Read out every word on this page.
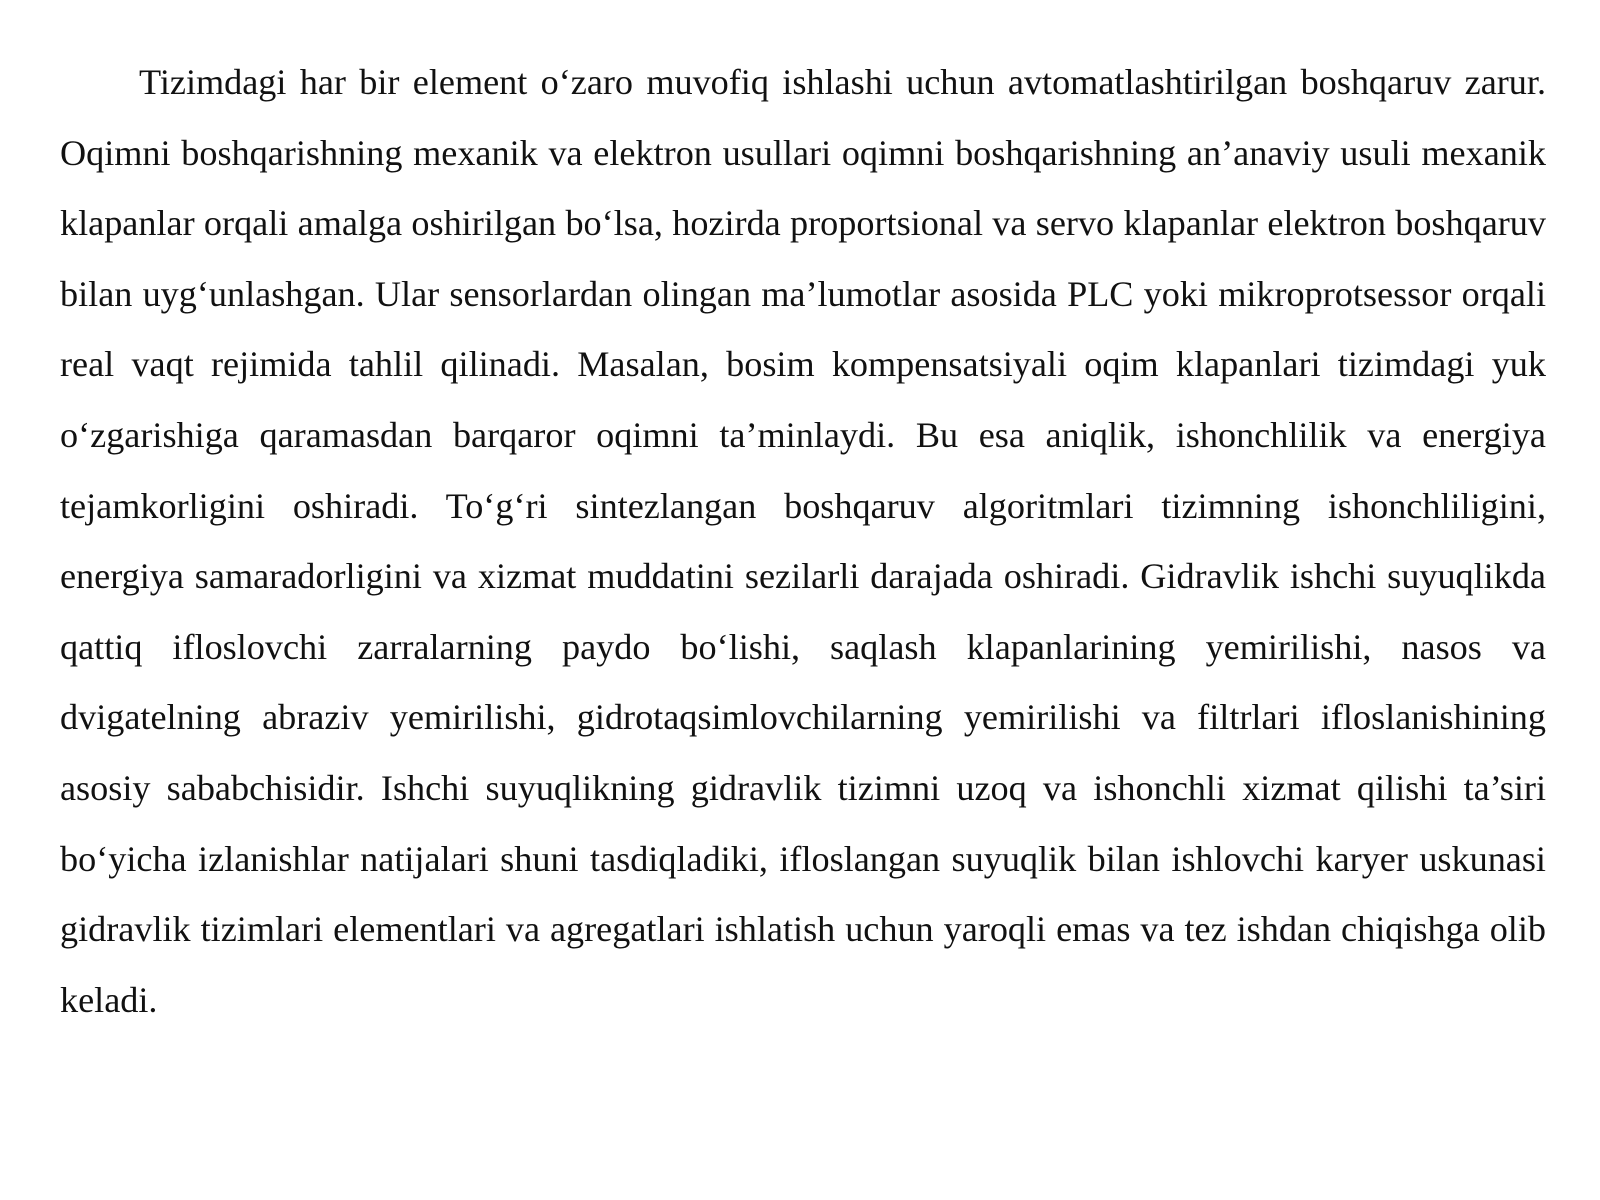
Tizimdagi har bir element o‘zaro muvofiq ishlashi uchun avtomatlashtirilgan boshqaruv zarur. Oqimni boshqarishning mexanik va elektron usullari oqimni boshqarishning an’anaviy usuli mexanik klapanlar orqali amalga oshirilgan bo‘lsa, hozirda proportsional va servo klapanlar elektron boshqaruv bilan uyg‘unlashgan. Ular sensorlardan olingan ma’lumotlar asosida PLC yoki mikroprotsessor orqali real vaqt rejimida tahlil qilinadi. Masalan, bosim kompensatsiyali oqim klapanlari tizimdagi yuk o‘zgarishiga qaramasdan barqaror oqimni ta’minlaydi. Bu esa aniqlik, ishonchlilik va energiya tejamkorligini oshiradi. To‘g‘ri sintezlangan boshqaruv algoritmlari tizimning ishonchliligini, energiya samaradorligini va xizmat muddatini sezilarli darajada oshiradi. Gidravlik ishchi suyuqlikda qattiq ifloslovchi zarralarning paydo bo‘lishi, saqlash klapanlarining yemirilishi, nasos va dvigatelning abraziv yemirilishi, gidrotaqsimlovchilarning yemirilishi va filtrlari ifloslanishining asosiy sababchisidir. Ishchi suyuqlikning gidravlik tizimni uzoq va ishonchli xizmat qilishi ta’siri bo‘yicha izlanishlar natijalari shuni tasdiqladiki, ifloslangan suyuqlik bilan ishlovchi karyer uskunasi gidravlik tizimlari elementlari va agregatlari ishlatish uchun yaroqli emas va tez ishdan chiqishga olib keladi.
